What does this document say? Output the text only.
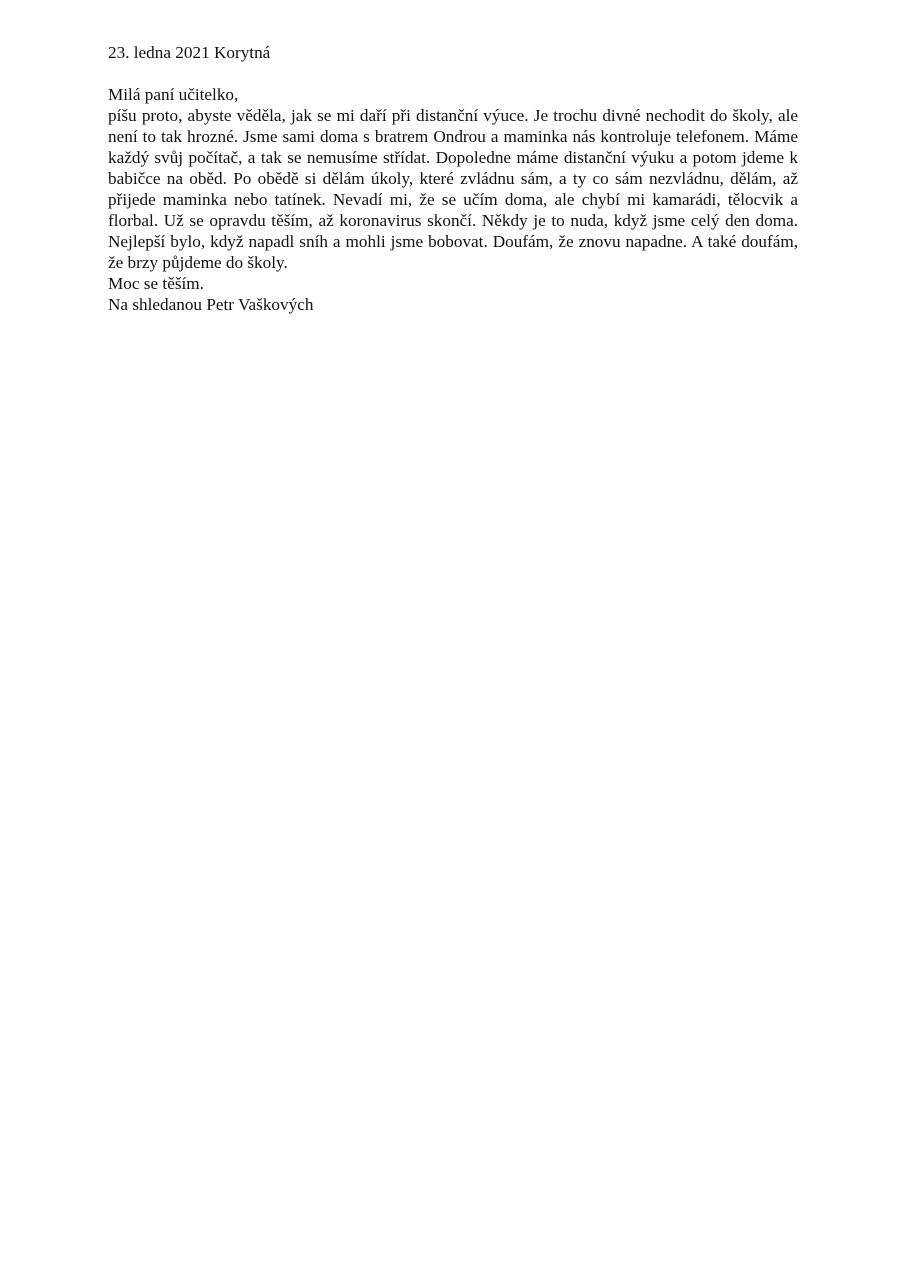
23. ledna 2021 Korytná

Milá paní učitelko,

píšu proto, abyste věděla, jak se mi daří při distanční výuce. Je trochu divné nechodit do školy, ale není to tak hrozné. Jsme sami doma s bratrem Ondrou a maminka nás kontroluje telefonem. Máme každý svůj počítač, a tak se nemusíme střídat. Dopoledne máme distanční výuku a potom jdeme k babičce na oběd. Po obědě si dělám úkoly, které zvládnu sám, a ty co sám nezvládnu, dělám, až přijede maminka nebo tatínek. Nevadí mi, že se učím doma, ale chybí mi kamarádi, tělocvik a florbal. Už se opravdu těším, až koronavirus skončí. Někdy je to nuda, když jsme celý den doma. Nejlepší bylo, když napadl sníh a mohli jsme bobovat. Doufám, že znovu napadne. A také doufám, že brzy půjdeme do školy.

Moc se těším.

Na shledanou Petr Vaškových
